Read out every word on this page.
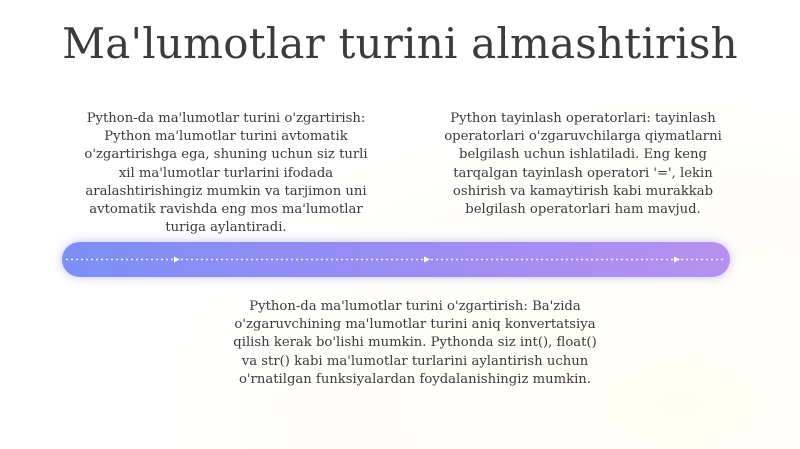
Ma'lumotlar turini almashtirish

Python-da ma'lumotlar turini o'zgartirish: Python ma'lumotlar turini avtomatik o'zgartirishga ega, shuning uchun siz turli xil ma'lumotlar turlarini ifodada aralashtirishingiz mumkin va tarjimon uni avtomatik ravishda eng mos ma'lumotlar turiga aylantiradi.

Python tayinlash operatorlari: tayinlash operatorlari o'zgaruvchilarga qiymatlarni belgilash uchun ishlatiladi. Eng keng tarqalgan tayinlash operatori '=', lekin oshirish va kamaytirish kabi murakkab belgilash operatorlari ham mavjud.

Python-da ma'lumotlar turini o'zgartirish: Ba'zida o'zgaruvchining ma'lumotlar turini aniq konvertatsiya qilish kerak bo'lishi mumkin. Pythonda siz int(), float() va str() kabi ma'lumotlar turlarini aylantirish uchun o'rnatilgan funksiyalardan foydalanishingiz mumkin.
